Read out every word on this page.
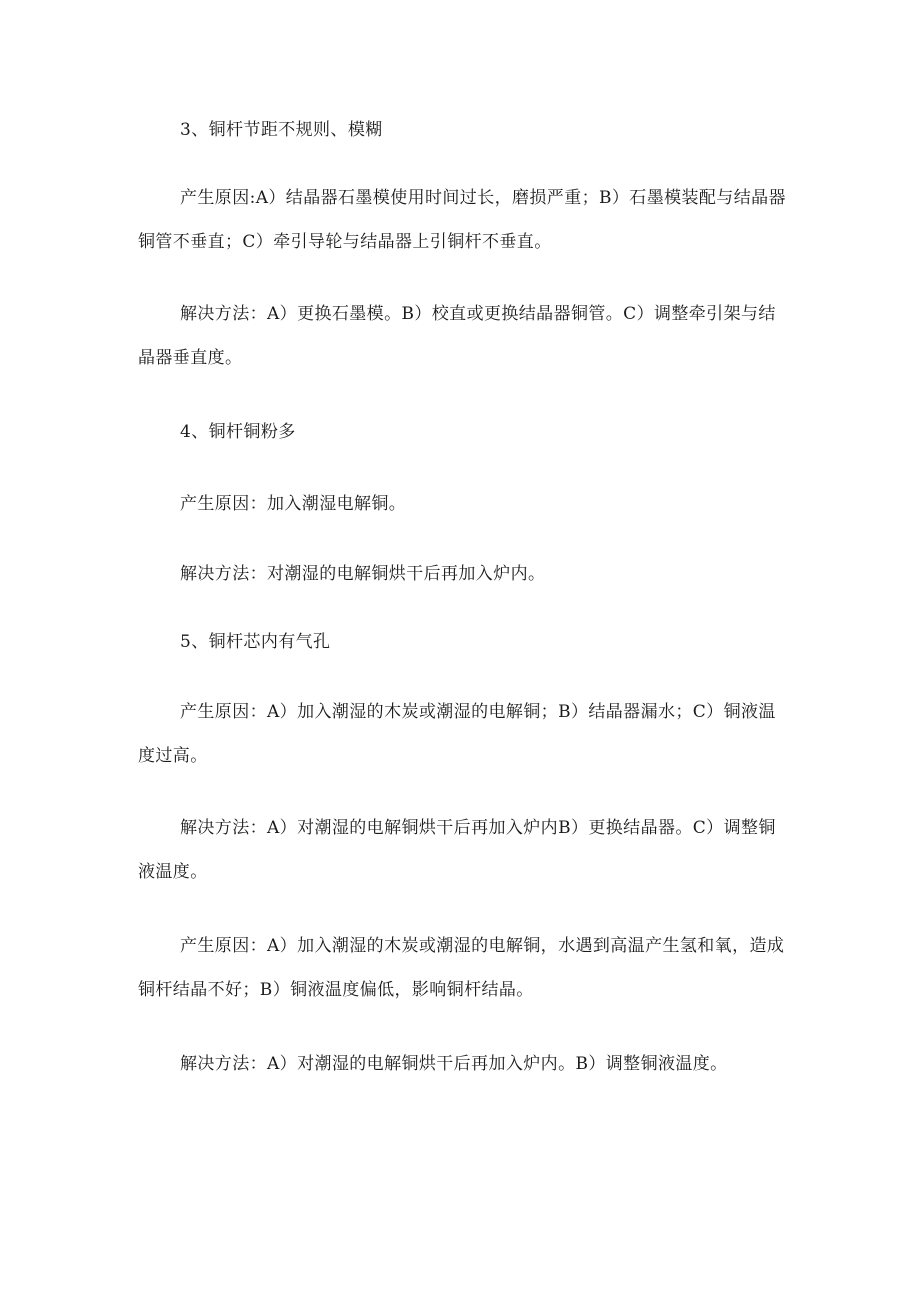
3、铜杆节距不规则、模糊

产生原因:A）结晶器石墨模使用时间过长，磨损严重；B）石墨模装配与结晶器铜管不垂直；C）牵引导轮与结晶器上引铜杆不垂直。

解决方法：A）更换石墨模。B）校直或更换结晶器铜管。C）调整牵引架与结晶器垂直度。

4、铜杆铜粉多

产生原因：加入潮湿电解铜。

解决方法：对潮湿的电解铜烘干后再加入炉内。

5、铜杆芯内有气孔

产生原因：A）加入潮湿的木炭或潮湿的电解铜；B）结晶器漏水；C）铜液温度过高。

解决方法：A）对潮湿的电解铜烘干后再加入炉内B）更换结晶器。C）调整铜液温度。

产生原因：A）加入潮湿的木炭或潮湿的电解铜，水遇到高温产生氢和氧，造成铜杆结晶不好；B）铜液温度偏低，影响铜杆结晶。

解决方法：A）对潮湿的电解铜烘干后再加入炉内。B）调整铜液温度。
